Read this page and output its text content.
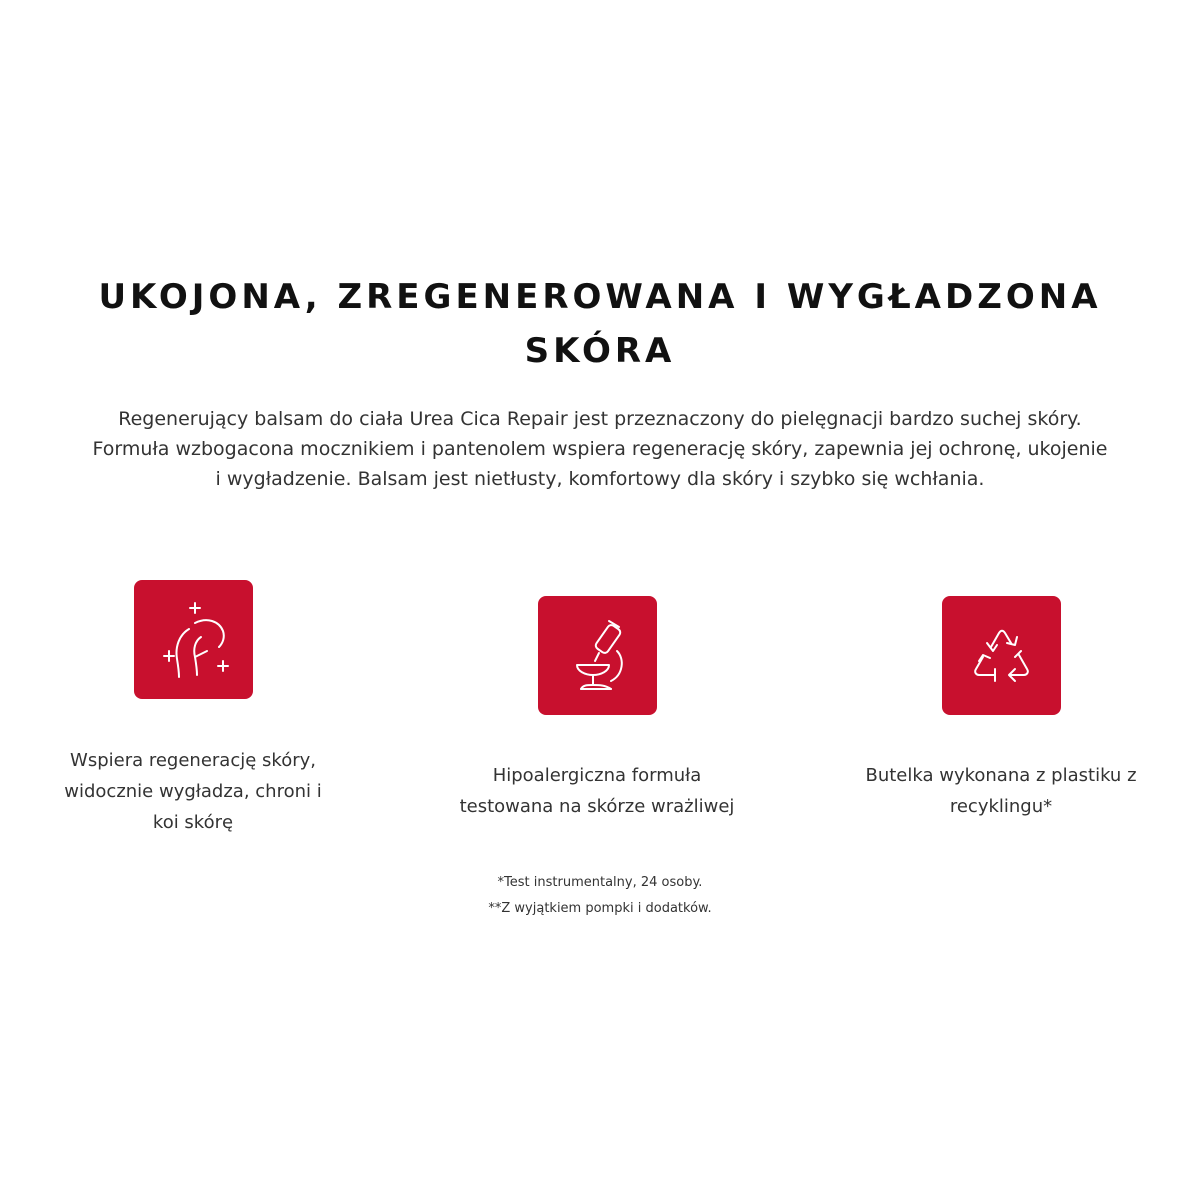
UKOJONA, ZREGENEROWANA I WYGŁADZONA
SKÓRA

Regenerujący balsam do ciała Urea Cica Repair jest przeznaczony do pielęgnacji bardzo suchej skóry.
Formuła wzbogacona mocznikiem i pantenolem wspiera regenerację skóry, zapewnia jej ochronę, ukojenie
i wygładzenie. Balsam jest nietłusty, komfortowy dla skóry i szybko się wchłania.

Wspiera regenerację skóry,
widocznie wygładza, chroni i
koi skórę

Hipoalergiczna formuła
testowana na skórze wrażliwej

Butelka wykonana z plastiku z
recyklingu*

*Test instrumentalny, 24 osoby.
**Z wyjątkiem pompki i dodatków.
